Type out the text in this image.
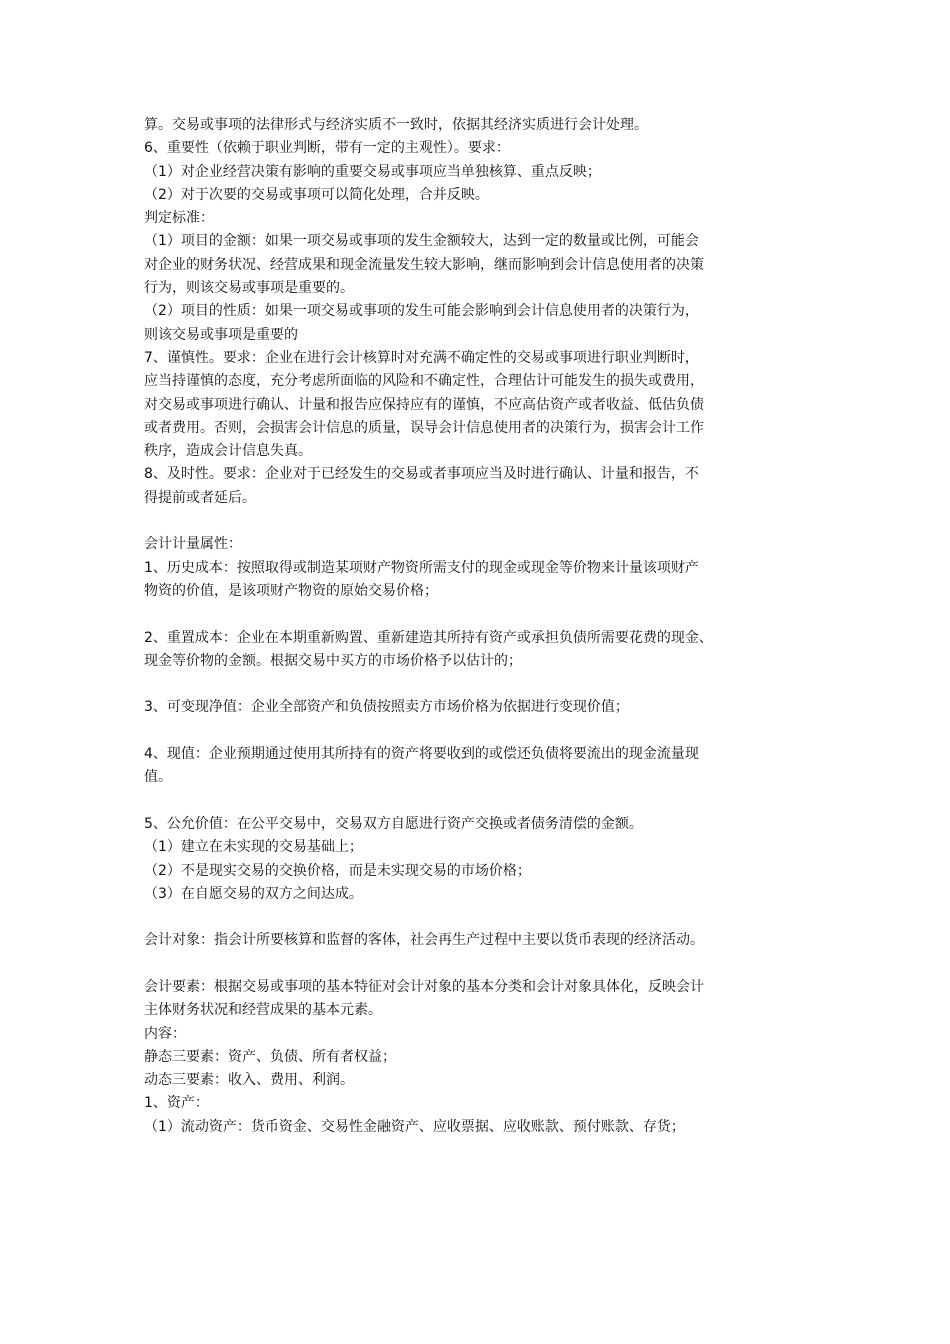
算。交易或事项的法律形式与经济实质不一致时，依据其经济实质进行会计处理。
6、重要性（依赖于职业判断，带有一定的主观性）。要求：
（1）对企业经营决策有影响的重要交易或事项应当单独核算、重点反映；
（2）对于次要的交易或事项可以简化处理，合并反映。
判定标准：
（1）项目的金额：如果一项交易或事项的发生金额较大，达到一定的数量或比例，可能会
对企业的财务状况、经营成果和现金流量发生较大影响，继而影响到会计信息使用者的决策
行为，则该交易或事项是重要的。
（2）项目的性质：如果一项交易或事项的发生可能会影响到会计信息使用者的决策行为，
则该交易或事项是重要的
7、谨慎性。要求：企业在进行会计核算时对充满不确定性的交易或事项进行职业判断时，
应当持谨慎的态度，充分考虑所面临的风险和不确定性，合理估计可能发生的损失或费用，
对交易或事项进行确认、计量和报告应保持应有的谨慎，不应高估资产或者收益、低估负债
或者费用。否则，会损害会计信息的质量，误导会计信息使用者的决策行为，损害会计工作
秩序，造成会计信息失真。
8、及时性。要求：企业对于已经发生的交易或者事项应当及时进行确认、计量和报告，不
得提前或者延后。
会计计量属性：
1、历史成本：按照取得或制造某项财产物资所需支付的现金或现金等价物来计量该项财产
物资的价值，是该项财产物资的原始交易价格；
2、重置成本：企业在本期重新购置、重新建造其所持有资产或承担负债所需要花费的现金、
现金等价物的金额。根据交易中买方的市场价格予以估计的；
3、可变现净值：企业全部资产和负债按照卖方市场价格为依据进行变现价值；
4、现值：企业预期通过使用其所持有的资产将要收到的或偿还负债将要流出的现金流量现
值。
5、公允价值：在公平交易中，交易双方自愿进行资产交换或者债务清偿的金额。
（1）建立在未实现的交易基础上；
（2）不是现实交易的交换价格，而是未实现交易的市场价格；
（3）在自愿交易的双方之间达成。
会计对象：指会计所要核算和监督的客体，社会再生产过程中主要以货币表现的经济活动。
会计要素：根据交易或事项的基本特征对会计对象的基本分类和会计对象具体化，反映会计
主体财务状况和经营成果的基本元素。
内容：
静态三要素：资产、负债、所有者权益；
动态三要素：收入、费用、利润。
1、资产：
（1）流动资产：货币资金、交易性金融资产、应收票据、应收账款、预付账款、存货；
